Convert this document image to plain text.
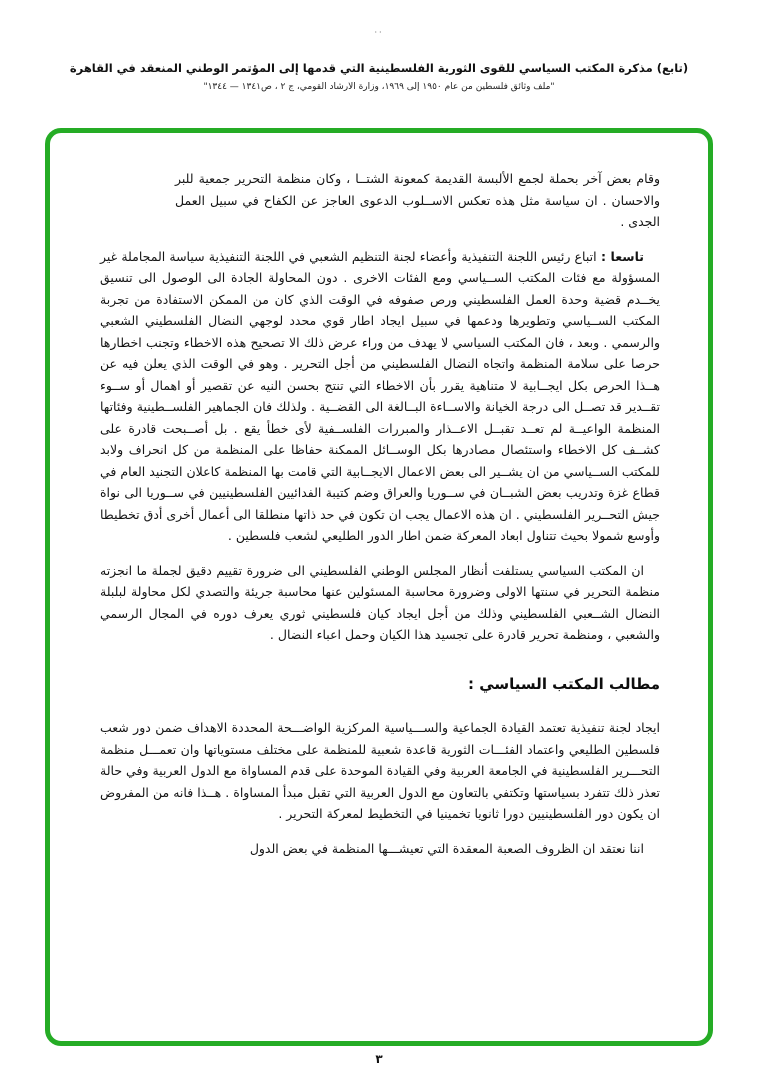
··
(تابع) مذكرة المكتب السياسي للقوى الثورية الفلسطينية التي قدمها إلى المؤتمر الوطني المنعقد في القاهرة
"ملف وثائق فلسطين من عام ١٩٥٠ إلى ١٩٦٩، وزارة الارشاد القومي، ج ٢ ، ص١٣٤١ — ١٣٤٤"

وقام بعض آخر بحملة لجمع الألبسة القديمة كمعونة الشتــا ، وكان منظمة التحرير جمعية للبر والاحسان . ان سياسة مثل هذه تعكس الاســلوب الدعوى العاجز عن الكفاح في سبيل العمل الجدى .

تاسعا : اتباع رئيس اللجنة التنفيذية وأعضاء لجنة التنظيم الشعبي في اللجنة التنفيذية سياسة المجاملة غير المسؤولة مع فئات المكتب الســياسي ومع الفئات الاخرى . دون المحاولة الجادة الى الوصول الى تنسيق يخــدم قضية وحدة العمل الفلسطيني ورص صفوفه في الوقت الذي كان من الممكن الاستفادة من تجربة المكتب الســياسي وتطويرها ودعمها في سبيل ايجاد اطار قوي محدد لوجهي النضال الفلسطيني الشعبي والرسمي . وبعد ، فان المكتب السياسي لا يهدف من وراء عرض ذلك الا تصحيح هذه الاخطاء وتجنب اخطارها حرصا على سلامة المنظمة واتجاه النضال الفلسطيني من أجل التحرير . وهو في الوقت الذي يعلن فيه عن هــذا الحرص بكل ايجــابية لا متناهية يقرر بأن الاخطاء التي تنتج بحسن النيه عن تقصير أو اهمال أو ســوء تقــدير قد تصــل الى درجة الخيانة والاســاءة البــالغة الى القضــية . ولذلك فان الجماهير الفلســطينية وفئاتها المنظمة الواعيــة لم تعــد تقبــل الاعــذار والمبررات الفلســفية لأى خطأ يقع . بل أصــبحت قادرة على كشــف كل الاخطاء واستئصال مصادرها بكل الوســائل الممكنة حفاظا على المنظمة من كل انحراف ولابد للمكتب الســياسي من ان يشــير الى بعض الاعمال الايجــابية التي قامت بها المنظمة كاعلان التجنيد العام في قطاع غزة وتدريب بعض الشبــان في ســوريا والعراق وضم كتيبة الفدائيين الفلسطينيين في ســوريا الى نواة جيش التحــرير الفلسطيني . ان هذه الاعمال يجب ان تكون في حد ذاتها منطلقا الى أعمال أخرى أدق تخطيطا وأوسع شمولا بحيث تتناول ابعاد المعركة ضمن اطار الدور الطليعي لشعب فلسطين .

ان المكتب السياسي يستلفت أنظار المجلس الوطني الفلسطيني الى ضرورة تقييم دقيق لجملة ما انجزته منظمة التحرير في سنتها الاولى وضرورة محاسبة المسئولين عنها محاسبة جريئة والتصدي لكل محاولة لبلبلة النضال الشــعبي الفلسطيني وذلك من أجل ايجاد كيان فلسطيني ثوري يعرف دوره في المجال الرسمي والشعبي ، ومنظمة تحرير قادرة على تجسيد هذا الكيان وحمل اعباء النضال .

مطالب المكتب السياسي :

ايجاد لجنة تنفيذية تعتمد القيادة الجماعية والســـياسية المركزية الواضـــحة المحددة الاهداف ضمن دور شعب فلسطين الطليعي واعتماد الفئـــات الثورية قاعدة شعبية للمنظمة على مختلف مستوياتها وان تعمـــل منظمة التحـــرير الفلسطينية في الجامعة العربية وفي القيادة الموحدة على قدم المساواة مع الدول العربية وفي حالة تعذر ذلك تتفرد بسياستها وتكتفي بالتعاون مع الدول العربية التي تقبل مبدأ المساواة . هــذا فانه من المفروض ان يكون دور الفلسطينيين دورا ثانويا تخمينيا في التخطيط لمعركة التحرير .

اننا نعتقد ان الظروف الصعبة المعقدة التي تعيشـــها المنظمة في بعض الدول

٣
